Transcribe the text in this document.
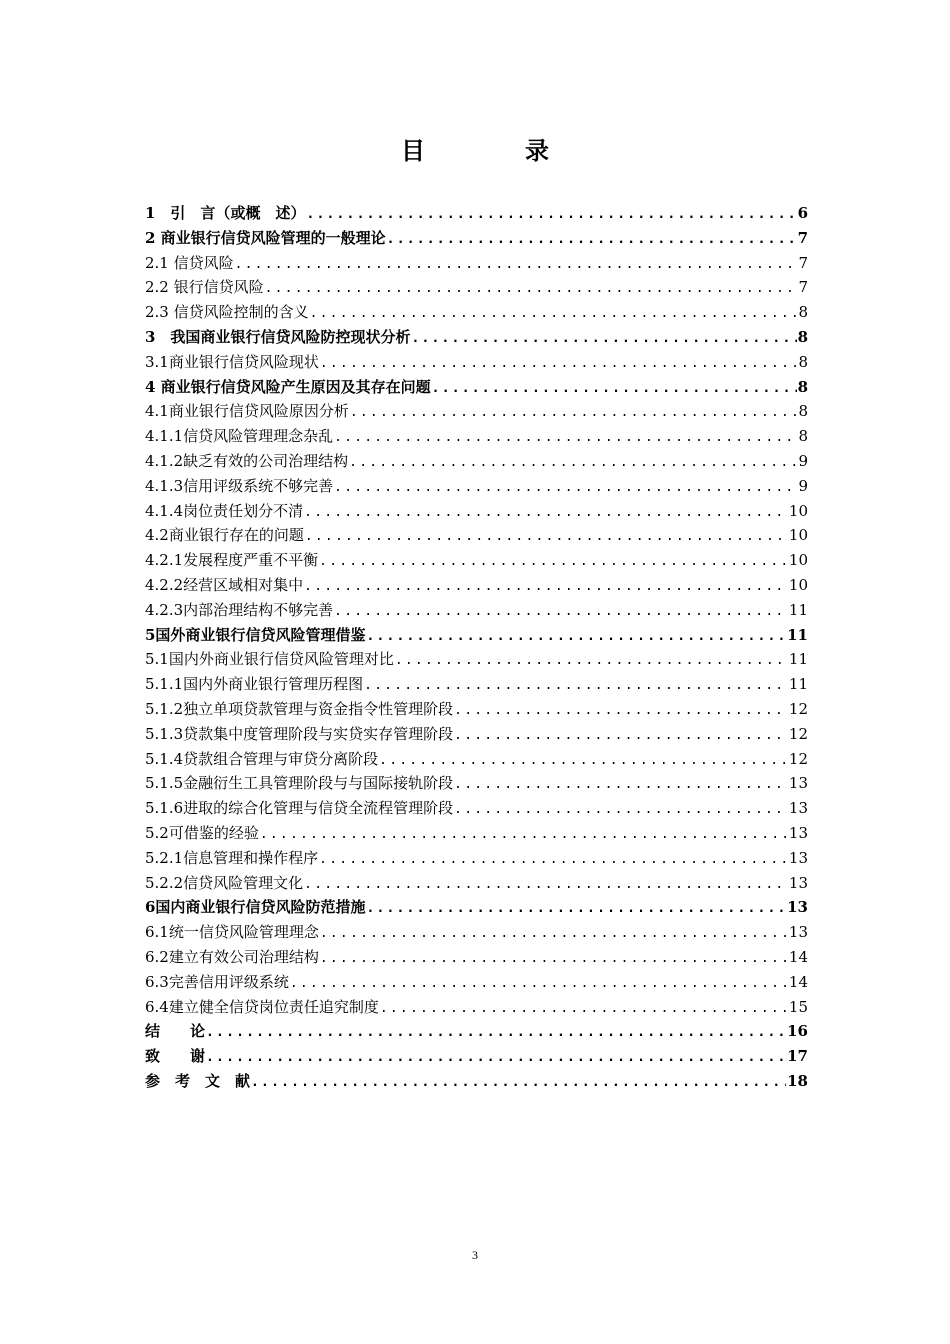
目　录
1　引　言（或概　述） .....	6
2 商业银行信贷风险管理的一般理论 .....	7
2.1 信贷风险 .....	7
2.2 银行信贷风险 .....	7
2.3 信贷风险控制的含义 .....	8
3　我国商业银行信贷风险防控现状分析 .....	8
3.1商业银行信贷风险现状 .....	8
4 商业银行信贷风险产生原因及其存在问题 .....	8
4.1商业银行信贷风险原因分析 .....	8
4.1.1信贷风险管理理念杂乱 .....	8
4.1.2缺乏有效的公司治理结构 .....	9
4.1.3信用评级系统不够完善 .....	9
4.1.4岗位责任划分不清 .....	10
4.2商业银行存在的问题 .....	10
4.2.1发展程度严重不平衡 .....	10
4.2.2经营区域相对集中 .....	10
4.2.3内部治理结构不够完善 .....	11
5国外商业银行信贷风险管理借鉴 .....	11
5.1国内外商业银行信贷风险管理对比 .....	11
5.1.1国内外商业银行管理历程图 .....	11
5.1.2独立单项贷款管理与资金指令性管理阶段 .....	12
5.1.3贷款集中度管理阶段与实贷实存管理阶段 .....	12
5.1.4贷款组合管理与审贷分离阶段 .....	12
5.1.5金融衍生工具管理阶段与与国际接轨阶段 .....	13
5.1.6进取的综合化管理与信贷全流程管理阶段 .....	13
5.2可借鉴的经验 .....	13
5.2.1信息管理和操作程序 .....	13
5.2.2信贷风险管理文化 .....	13
6国内商业银行信贷风险防范措施 .....	13
6.1统一信贷风险管理理念 .....	13
6.2建立有效公司治理结构 .....	14
6.3完善信用评级系统 .....	14
6.4建立健全信贷岗位责任追究制度 .....	15
结　　论 .....	16
致　　谢 .....	17
参　考　文　献 .....	18
3
